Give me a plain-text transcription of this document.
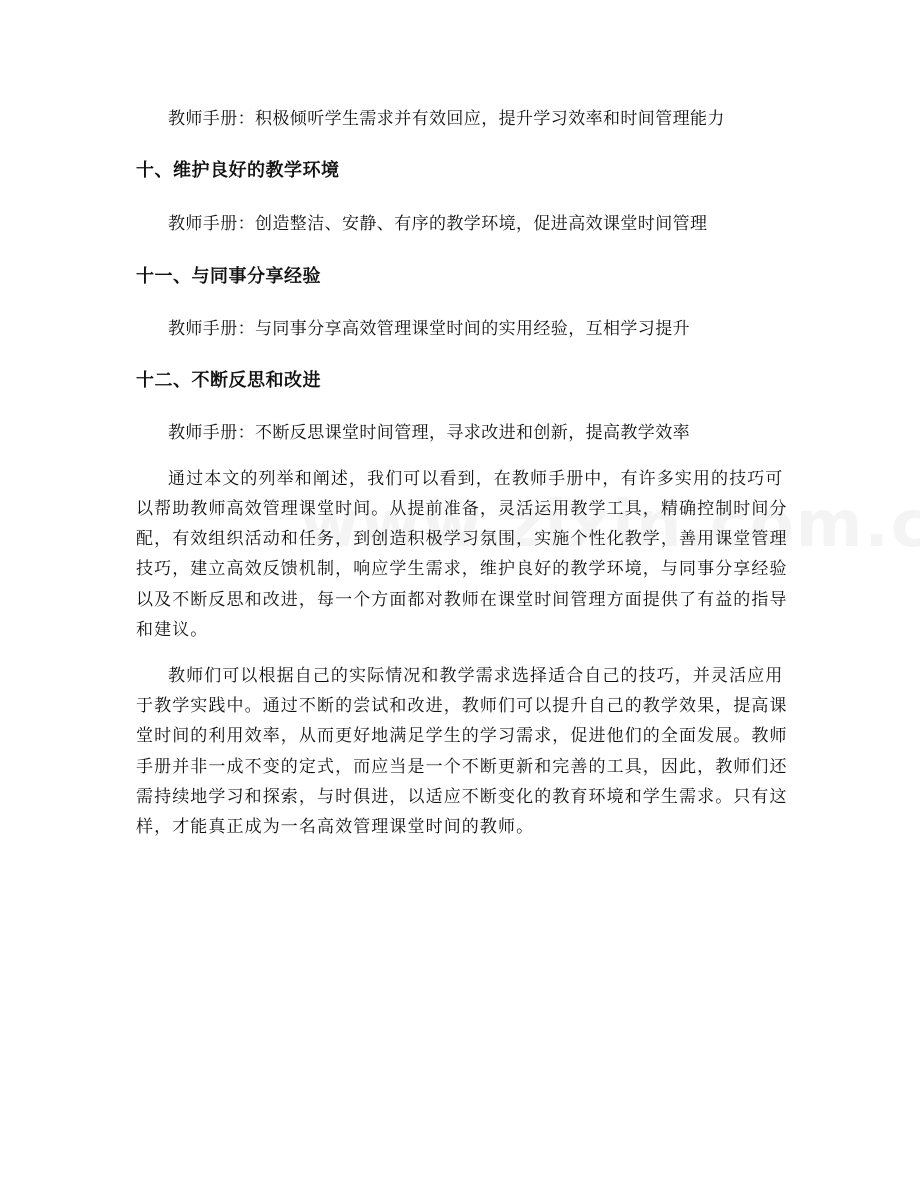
教师手册：积极倾听学生需求并有效回应，提升学习效率和时间管理能力
十、维护良好的教学环境
教师手册：创造整洁、安静、有序的教学环境，促进高效课堂时间管理
十一、与同事分享经验
教师手册：与同事分享高效管理课堂时间的实用经验，互相学习提升
十二、不断反思和改进
教师手册：不断反思课堂时间管理，寻求改进和创新，提高教学效率
通过本文的列举和阐述，我们可以看到，在教师手册中，有许多实用的技巧可
以帮助教师高效管理课堂时间。从提前准备，灵活运用教学工具，精确控制时间分
配，有效组织活动和任务，到创造积极学习氛围，实施个性化教学，善用课堂管理
技巧，建立高效反馈机制，响应学生需求，维护良好的教学环境，与同事分享经验
以及不断反思和改进，每一个方面都对教师在课堂时间管理方面提供了有益的指导
和建议。
教师们可以根据自己的实际情况和教学需求选择适合自己的技巧，并灵活应用
于教学实践中。通过不断的尝试和改进，教师们可以提升自己的教学效果，提高课
堂时间的利用效率，从而更好地满足学生的学习需求，促进他们的全面发展。教师
手册并非一成不变的定式，而应当是一个不断更新和完善的工具，因此，教师们还
需持续地学习和探索，与时俱进，以适应不断变化的教育环境和学生需求。只有这
样，才能真正成为一名高效管理课堂时间的教师。
